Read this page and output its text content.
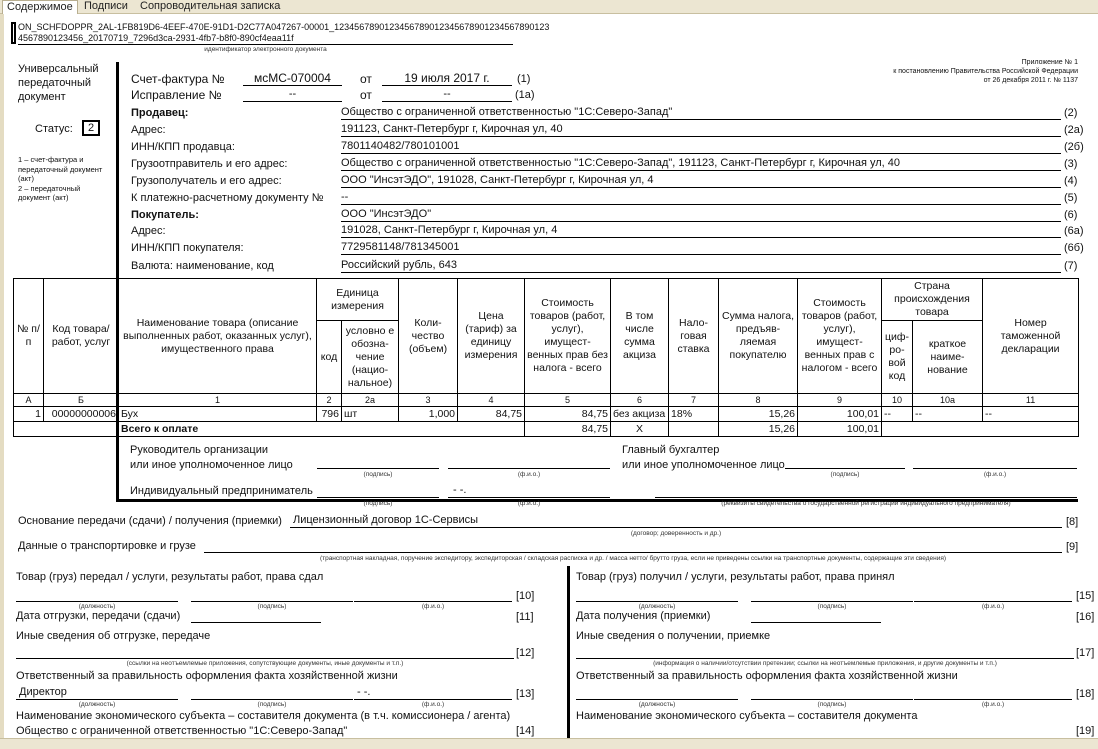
Содержимое	Подписи	Сопроводительная записка
ON_SCHFDOPPR_2AL-1FB819D6-4EEF-470E-91D1-D2C77A047267-00001_1234567890123456789012345678901234567890123
4567890123456_20170719_7296d3ca-2931-4fb7-b8f0-890cf4eaa11f
идентификатор электронного документа
Универсальный
передаточный
документ
Статус:	2
1 – счет-фактура и
передаточный документ
(акт)
2 – передаточный
документ (акт)
Приложение № 1
к постановлению Правительства Российской Федерации
от 26 декабря 2011 г. № 1137
Счет-фактура №	мсМС-070004	от	19 июля 2017 г.	(1)
Исправление №	--	от	--	(1а)
Продавец:	Общество с ограниченной ответственностью "1С:Северо-Запад"	(2)
Адрес:	191123, Санкт-Петербург г, Кирочная ул, 40	(2а)
ИНН/КПП продавца:	7801140482/780101001	(2б)
Грузоотправитель и его адрес:	Общество с ограниченной ответственностью "1С:Северо-Запад", 191123, Санкт-Петербург г, Кирочная ул, 40	(3)
Грузополучатель и его адрес:	ООО "ИнсэтЭДО", 191028, Санкт-Петербург г, Кирочная ул, 4	(4)
К платежно-расчетному документу № --	(5)
Покупатель:	ООО "ИнсэтЭДО"	(6)
Адрес:	191028, Санкт-Петербург г, Кирочная ул, 4	(6а)
ИНН/КПП покупателя:	7729581148/781345001	(6б)
Валюта: наименование, код	Российский рубль, 643	(7)
№ п/п	Код товара/ работ, услуг	Наименование товара (описание выполненных работ, оказанных услуг), имущественного права	Единица измерения		Коли-чество (объем)	Цена (тариф) за единицу измерения	Стоимость товаров (работ, услуг), имущест-венных прав без налога - всего	В том числе сумма акциза	Нало-говая ставка	Сумма налога, предъяв-ляемая покупателю	Стоимость товаров (работ, услуг), имущест-венных прав с налогом - всего	Страна происхождения товара		Номер таможенной декларации
			код	условно е обозна-чение (нацио-нальное)								циф-ро-вой код	краткое наиме-нование	
А	Б	1	2	2а	3	4	5	6	7	8	9	10	10а	11
1	00000000006	Бух	796	шт	1,000	84,75	84,75	без акциза	18%	15,26	100,01	--	--	--
		Всего к оплате					84,75	X		15,26	100,01			
Руководитель организации
или иное уполномоченное лицо
(подпись)	(ф.и.о.)
Главный бухгалтер
или иное уполномоченное лицо
(подпись)	(ф.и.о.)
Индивидуальный предприниматель	- -.
(подпись)	(ф.и.о.)	(реквизиты свидетельства о государственной регистрации индивидуального предпринимателя)
Основание передачи (сдачи) / получения (приемки) Лицензионный договор 1С-Сервисы	[8]
(договор; доверенность и др.)
Данные о транспортировке и грузе	[9]
(транспортная накладная, поручение экспедитору, экспедиторская / складская расписка и др. / масса нетто/ брутто груза, если не приведены ссылки на транспортные документы, содержащие эти сведения)
Товар (груз) передал / услуги, результаты работ, права сдал
[10]
(должность)	(подпись)	(ф.и.о.)
Директор	- -.	[13]
(должность)	(подпись)	(ф.и.о.)
Дата отгрузки, передачи (сдачи)	[11]
Иные сведения об отгрузке, передаче
[12]
(ссылки на неотъемлемые приложения, сопутствующие документы, иные документы и т.п.)
Ответственный за правильность оформления факта хозяйственной жизни
Наименование экономического субъекта – составителя документа (в т.ч. комиссионера / агента)
Общество с ограниченной ответственностью "1С:Северо-Запад"	[14]
Товар (груз) получил / услуги, результаты работ, права принял
[15]
(должность)	(подпись)	(ф.и.о.)
[18]
(должность)	(подпись)	(ф.и.о.)
Дата получения (приемки)	[16]
Иные сведения о получении, приемке
[17]
(информация о наличии/отсутствии претензии; ссылки на неотъемлемые приложения, и другие документы и т.п.)
Ответственный за правильность оформления факта хозяйственной жизни
Наименование экономического субъекта – составителя документа
[19]
